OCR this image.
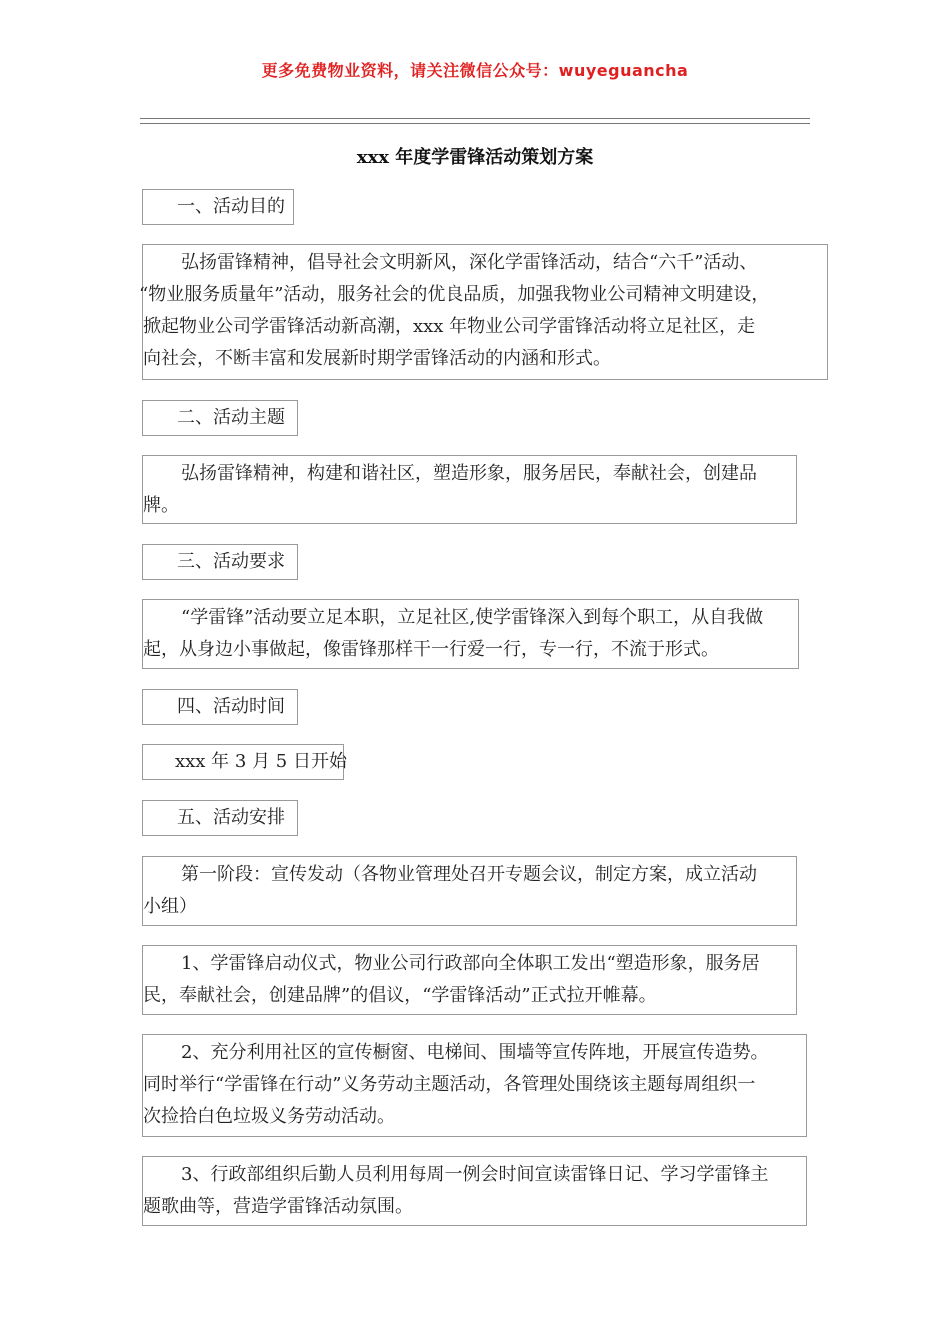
更多免费物业资料，请关注微信公众号：wuyeguancha
xxx 年度学雷锋活动策划方案
一、活动目的
弘扬雷锋精神，倡导社会文明新风，深化学雷锋活动，结合“六千”活动、
“物业服务质量年”活动，服务社会的优良品质，加强我物业公司精神文明建设，
掀起物业公司学雷锋活动新高潮，xxx 年物业公司学雷锋活动将立足社区，走
向社会，不断丰富和发展新时期学雷锋活动的内涵和形式。
二、活动主题
弘扬雷锋精神，构建和谐社区，塑造形象，服务居民，奉献社会，创建品
牌。
三、活动要求
“学雷锋”活动要立足本职，立足社区,使学雷锋深入到每个职工，从自我做
起，从身边小事做起，像雷锋那样干一行爱一行，专一行，不流于形式。
四、活动时间
xxx 年 3 月 5 日开始
五、活动安排
第一阶段：宣传发动（各物业管理处召开专题会议，制定方案，成立活动
小组）
1、学雷锋启动仪式，物业公司行政部向全体职工发出“塑造形象，服务居
民，奉献社会，创建品牌”的倡议，“学雷锋活动”正式拉开帷幕。
2、充分利用社区的宣传橱窗、电梯间、围墙等宣传阵地，开展宣传造势。
同时举行“学雷锋在行动”义务劳动主题活动，各管理处围绕该主题每周组织一
次捡拾白色垃圾义务劳动活动。
3、行政部组织后勤人员利用每周一例会时间宣读雷锋日记、学习学雷锋主
题歌曲等，营造学雷锋活动氛围。
